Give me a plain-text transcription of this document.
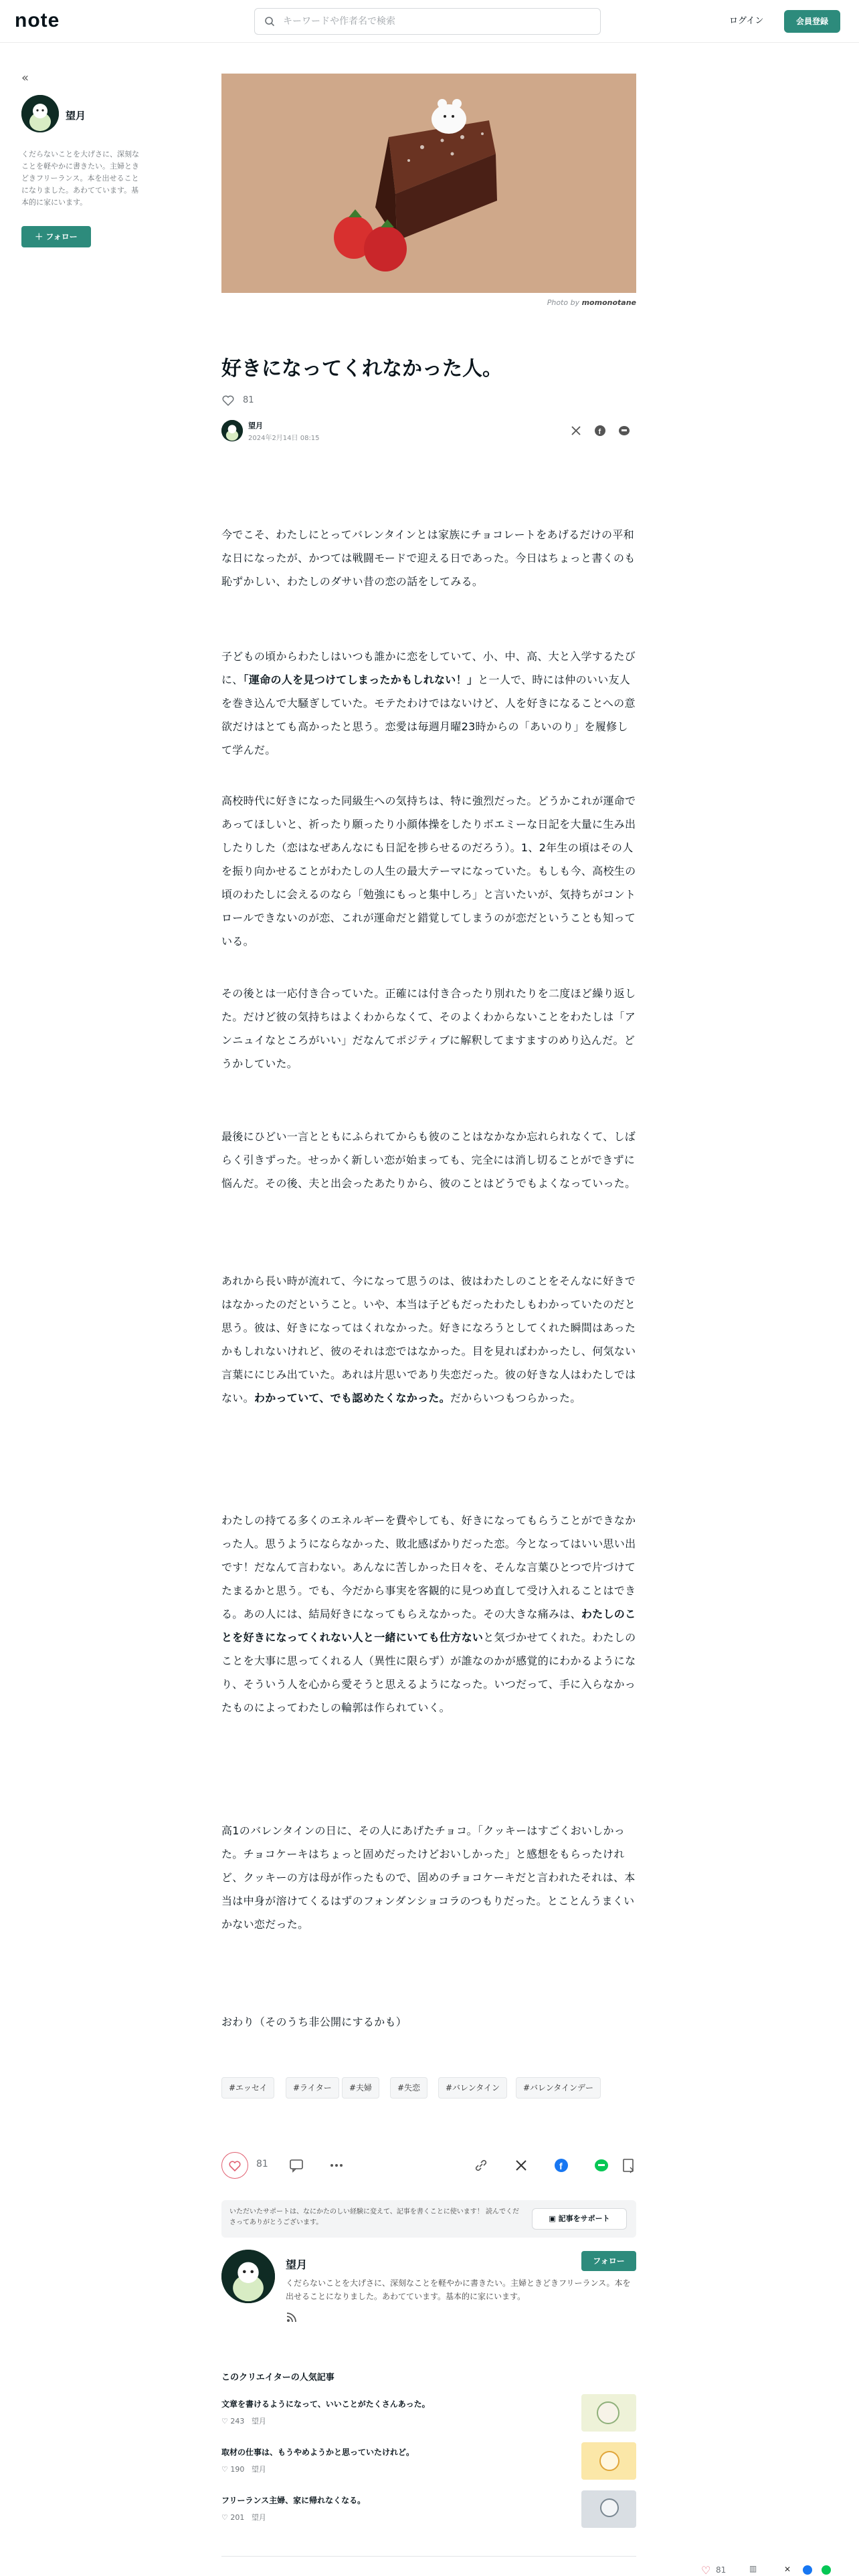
note
キーワードや作者名で検索	ログイン	会員登録
«
望月
くだらないことを大げさに、深刻なことを軽やかに書きたい。主婦ときどきフリーランス。本を出せることになりました。あわてています。基本的に家にいます。
＋ フォロー
Photo by momonotane
好きになってくれなかった人。
81
望月
2024年2月14日 08:15
f

今でこそ、わたしにとってバレンタインとは家族にチョコレートをあげるだけの平和な日になったが、かつては戦闘モードで迎える日であった。今日はちょっと書くのも恥ずかしい、わたしのダサい昔の恋の話をしてみる。

子どもの頃からわたしはいつも誰かに恋をしていて、小、中、高、大と入学するたびに、「運命の人を見つけてしまったかもしれない！」と一人で、時には仲のいい友人を巻き込んで大騒ぎしていた。モテたわけではないけど、人を好きになることへの意欲だけはとても高かったと思う。恋愛は毎週月曜23時からの「あいのり」を履修して学んだ。

高校時代に好きになった同級生への気持ちは、特に強烈だった。どうかこれが運命であってほしいと、祈ったり願ったり小顔体操をしたりボエミーな日記を大量に生み出したりした（恋はなぜあんなにも日記を捗らせるのだろう）。1、2年生の頃はその人を振り向かせることがわたしの人生の最大テーマになっていた。もしも今、高校生の頃のわたしに会えるのなら「勉強にもっと集中しろ」と言いたいが、気持ちがコントロールできないのが恋、これが運命だと錯覚してしまうのが恋だということも知っている。

その後とは一応付き合っていた。正確には付き合ったり別れたりを二度ほど繰り返した。だけど彼の気持ちはよくわからなくて、そのよくわからないことをわたしは「アンニュイなところがいい」だなんてポジティブに解釈してますますのめり込んだ。どうかしていた。

最後にひどい一言とともにふられてからも彼のことはなかなか忘れられなくて、しばらく引きずった。せっかく新しい恋が始まっても、完全には消し切ることができずに悩んだ。その後、夫と出会ったあたりから、彼のことはどうでもよくなっていった。

あれから長い時が流れて、今になって思うのは、彼はわたしのことをそんなに好きではなかったのだということ。いや、本当は子どもだったわたしもわかっていたのだと思う。彼は、好きになってはくれなかった。好きになろうとしてくれた瞬間はあったかもしれないけれど、彼のそれは恋ではなかった。目を見ればわかったし、何気ない言葉ににじみ出ていた。あれは片思いであり失恋だった。彼の好きな人はわたしではない。わかっていて、でも認めたくなかった。だからいつもつらかった。

わたしの持てる多くのエネルギーを費やしても、好きになってもらうことができなかった人。思うようにならなかった、敗北感ばかりだった恋。今となってはいい思い出です！だなんて言わない。あんなに苦しかった日々を、そんな言葉ひとつで片づけてたまるかと思う。でも、今だから事実を客観的に見つめ直して受け入れることはできる。あの人には、結局好きになってもらえなかった。その大きな痛みは、わたしのことを好きになってくれない人と一緒にいても仕方ないと気づかせてくれた。わたしのことを大事に思ってくれる人（異性に限らず）が誰なのかが感覚的にわかるようになり、そういう人を心から愛そうと思えるようになった。いつだって、手に入らなかったものによってわたしの輪郭は作られていく。

高1のバレンタインの日に、その人にあげたチョコ。「クッキーはすごくおいしかった。チョコケーキはちょっと固めだったけどおいしかった」と感想をもらったけれど、クッキーの方は母が作ったもので、固めのチョコケーキだと言われたそれは、本当は中身が溶けてくるはずのフォンダンショコラのつもりだった。とことんうまくいかない恋だった。

おわり（そのうち非公開にするかも）

#エッセイ	#ライター	#夫婦	#失恋	#バレンタイン	#バレンタインデー
81	f
いただいたサポートは、なにかたのしい経験に変えて、記事を書くことに使います！ 読んでくださってありがとうございます。	▣ 記事をサポート
望月	フォロー
くだらないことを大げさに、深刻なことを軽やかに書きたい。主婦ときどきフリーランス。本を出せることになりました。あわてています。基本的に家にいます。
このクリエイターの人気記事
文章を書けるようになって、いいことがたくさんあった。
♡ 243 望月
取材の仕事は、もうやめようかと思っていたけれど。
♡ 190 望月
フリーランス主婦、家に帰れなくなる。
♡ 201 望月
♡ 81	▥	✕
